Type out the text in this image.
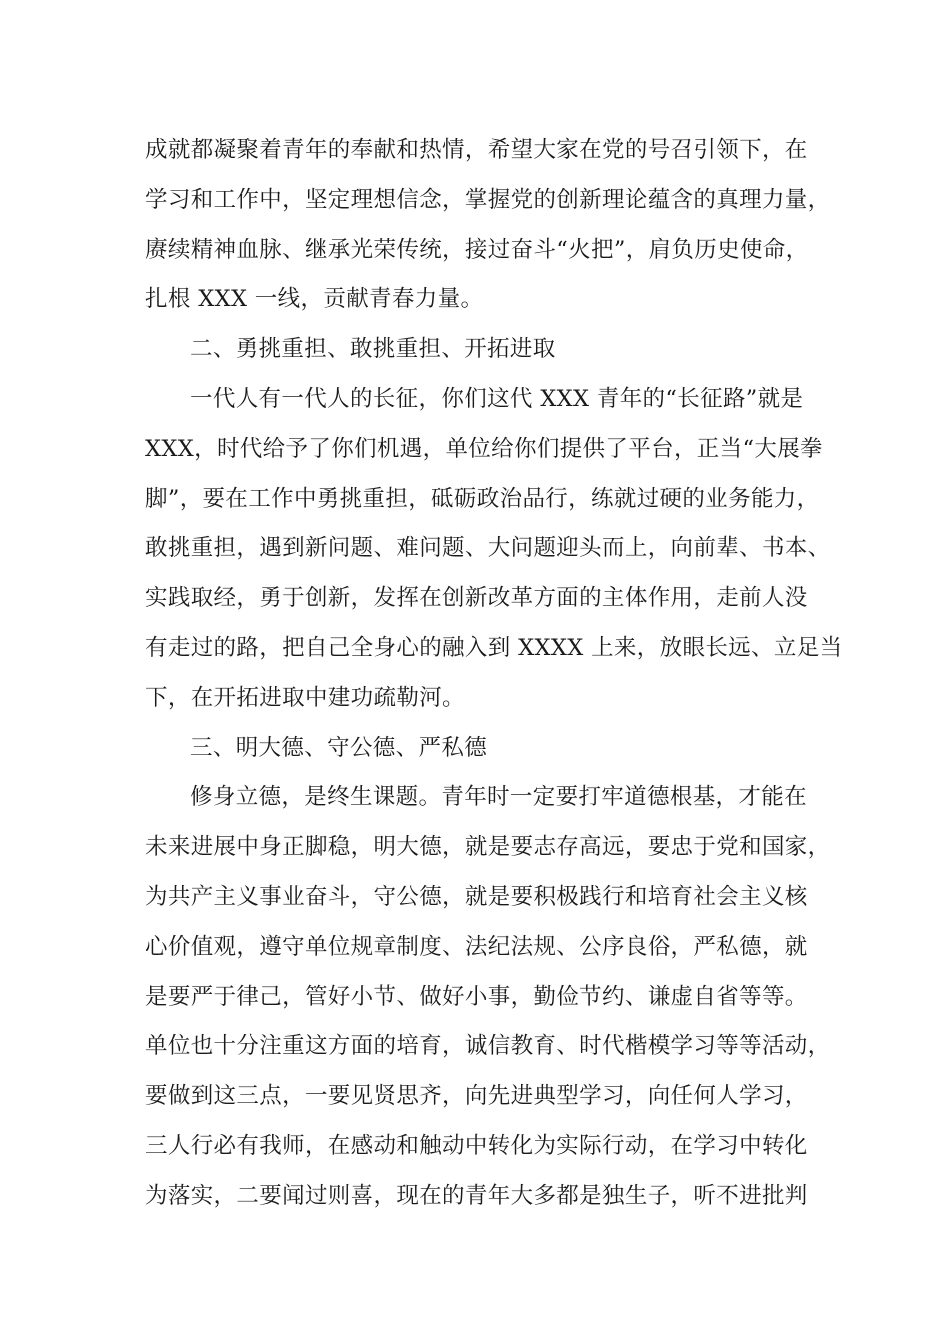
成就都凝聚着青年的奉献和热情，希望大家在党的号召引领下，在
学习和工作中，坚定理想信念，掌握党的创新理论蕴含的真理力量，
赓续精神血脉、继承光荣传统，接过奋斗“火把”，肩负历史使命，
扎根 XXX 一线，贡献青春力量。
二、勇挑重担、敢挑重担、开拓进取
一代人有一代人的长征，你们这代 XXX 青年的“长征路”就是
XXX，时代给予了你们机遇，单位给你们提供了平台，正当“大展拳
脚”，要在工作中勇挑重担，砥砺政治品行，练就过硬的业务能力，
敢挑重担，遇到新问题、难问题、大问题迎头而上，向前辈、书本、
实践取经，勇于创新，发挥在创新改革方面的主体作用，走前人没
有走过的路，把自己全身心的融入到 XXXX 上来，放眼长远、立足当
下，在开拓进取中建功疏勒河。
三、明大德、守公德、严私德
修身立德，是终生课题。青年时一定要打牢道德根基，才能在
未来进展中身正脚稳，明大德，就是要志存高远，要忠于党和国家，
为共产主义事业奋斗，守公德，就是要积极践行和培育社会主义核
心价值观，遵守单位规章制度、法纪法规、公序良俗，严私德，就
是要严于律己，管好小节、做好小事，勤俭节约、谦虚自省等等。
单位也十分注重这方面的培育，诚信教育、时代楷模学习等等活动，
要做到这三点，一要见贤思齐，向先进典型学习，向任何人学习，
三人行必有我师，在感动和触动中转化为实际行动，在学习中转化
为落实，二要闻过则喜，现在的青年大多都是独生子，听不进批判
